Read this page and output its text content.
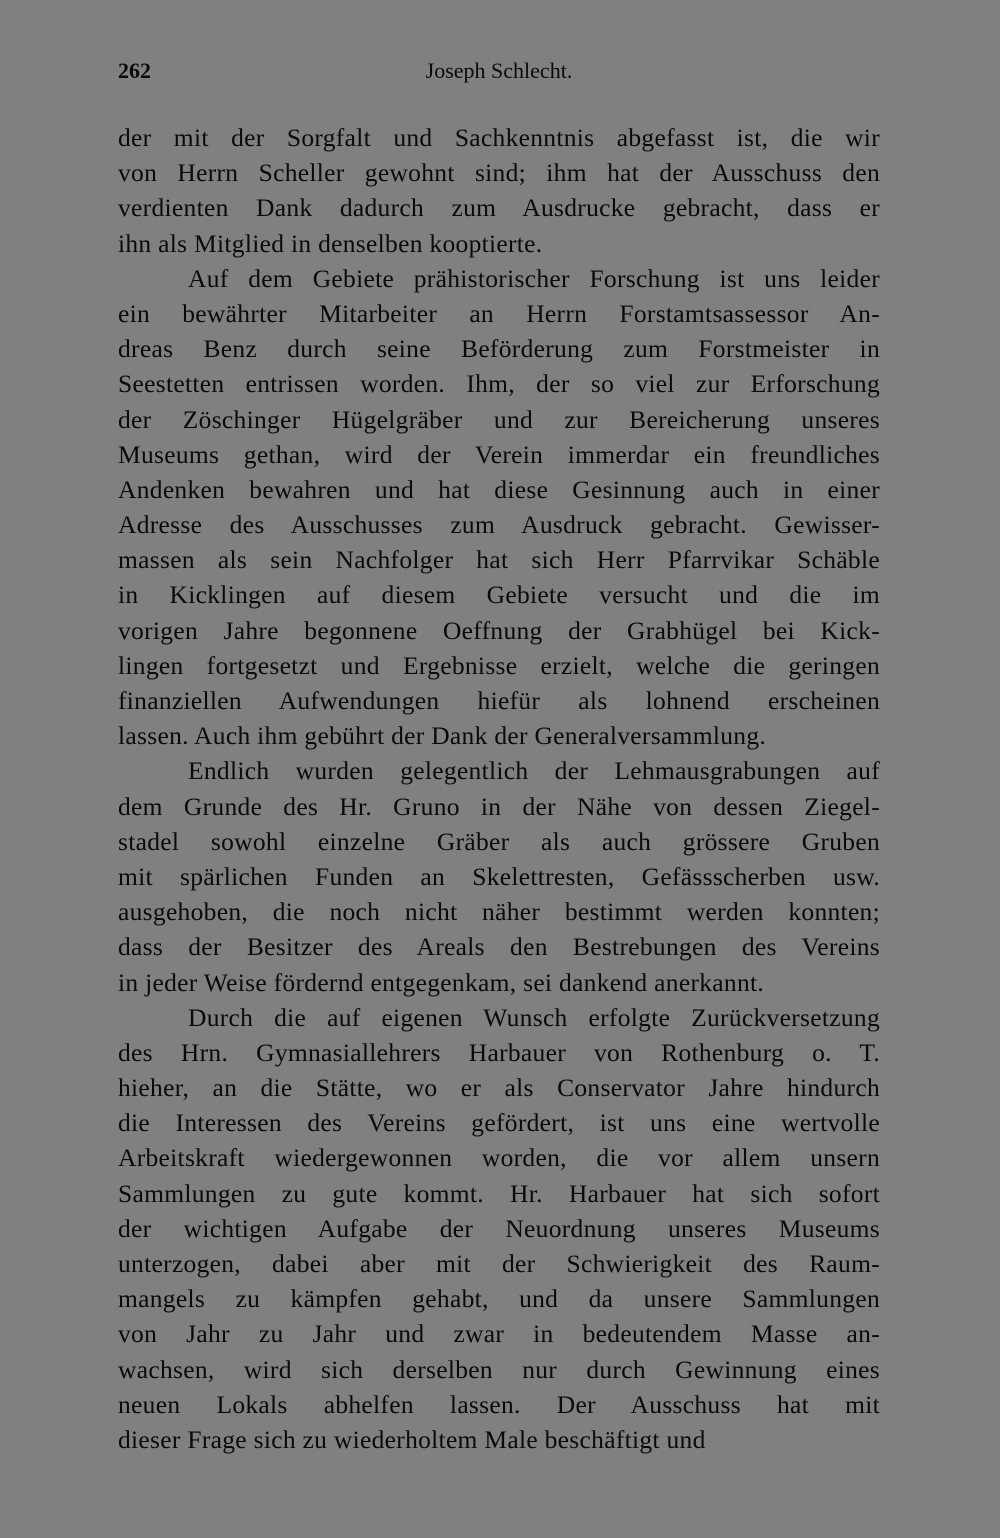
262	Joseph Schlecht.
der mit der Sorgfalt und Sachkenntnis abgefasst ist, die wir
von Herrn Scheller gewohnt sind; ihm hat der Ausschuss den
verdienten Dank dadurch zum Ausdrucke gebracht, dass er
ihn als Mitglied in denselben kooptierte.
Auf dem Gebiete prähistorischer Forschung ist uns leider
ein bewährter Mitarbeiter an Herrn Forstamtsassessor An-
dreas Benz durch seine Beförderung zum Forstmeister in
Seestetten entrissen worden. Ihm, der so viel zur Erforschung
der Zöschinger Hügelgräber und zur Bereicherung unseres
Museums gethan, wird der Verein immerdar ein freundliches
Andenken bewahren und hat diese Gesinnung auch in einer
Adresse des Ausschusses zum Ausdruck gebracht. Gewisser-
massen als sein Nachfolger hat sich Herr Pfarrvikar Schäble
in Kicklingen auf diesem Gebiete versucht und die im
vorigen Jahre begonnene Oeffnung der Grabhügel bei Kick-
lingen fortgesetzt und Ergebnisse erzielt, welche die geringen
finanziellen Aufwendungen hiefür als lohnend erscheinen
lassen. Auch ihm gebührt der Dank der Generalversammlung.
Endlich wurden gelegentlich der Lehmausgrabungen auf
dem Grunde des Hr. Gruno in der Nähe von dessen Ziegel-
stadel sowohl einzelne Gräber als auch grössere Gruben
mit spärlichen Funden an Skelettresten, Gefässscherben usw.
ausgehoben, die noch nicht näher bestimmt werden konnten;
dass der Besitzer des Areals den Bestrebungen des Vereins
in jeder Weise fördernd entgegenkam, sei dankend anerkannt.
Durch die auf eigenen Wunsch erfolgte Zurückversetzung
des Hrn. Gymnasiallehrers Harbauer von Rothenburg o. T.
hieher, an die Stätte, wo er als Conservator Jahre hindurch
die Interessen des Vereins gefördert, ist uns eine wertvolle
Arbeitskraft wiedergewonnen worden, die vor allem unsern
Sammlungen zu gute kommt. Hr. Harbauer hat sich sofort
der wichtigen Aufgabe der Neuordnung unseres Museums
unterzogen, dabei aber mit der Schwierigkeit des Raum-
mangels zu kämpfen gehabt, und da unsere Sammlungen
von Jahr zu Jahr und zwar in bedeutendem Masse an-
wachsen, wird sich derselben nur durch Gewinnung eines
neuen Lokals abhelfen lassen. Der Ausschuss hat mit
dieser Frage sich zu wiederholtem Male beschäftigt und
